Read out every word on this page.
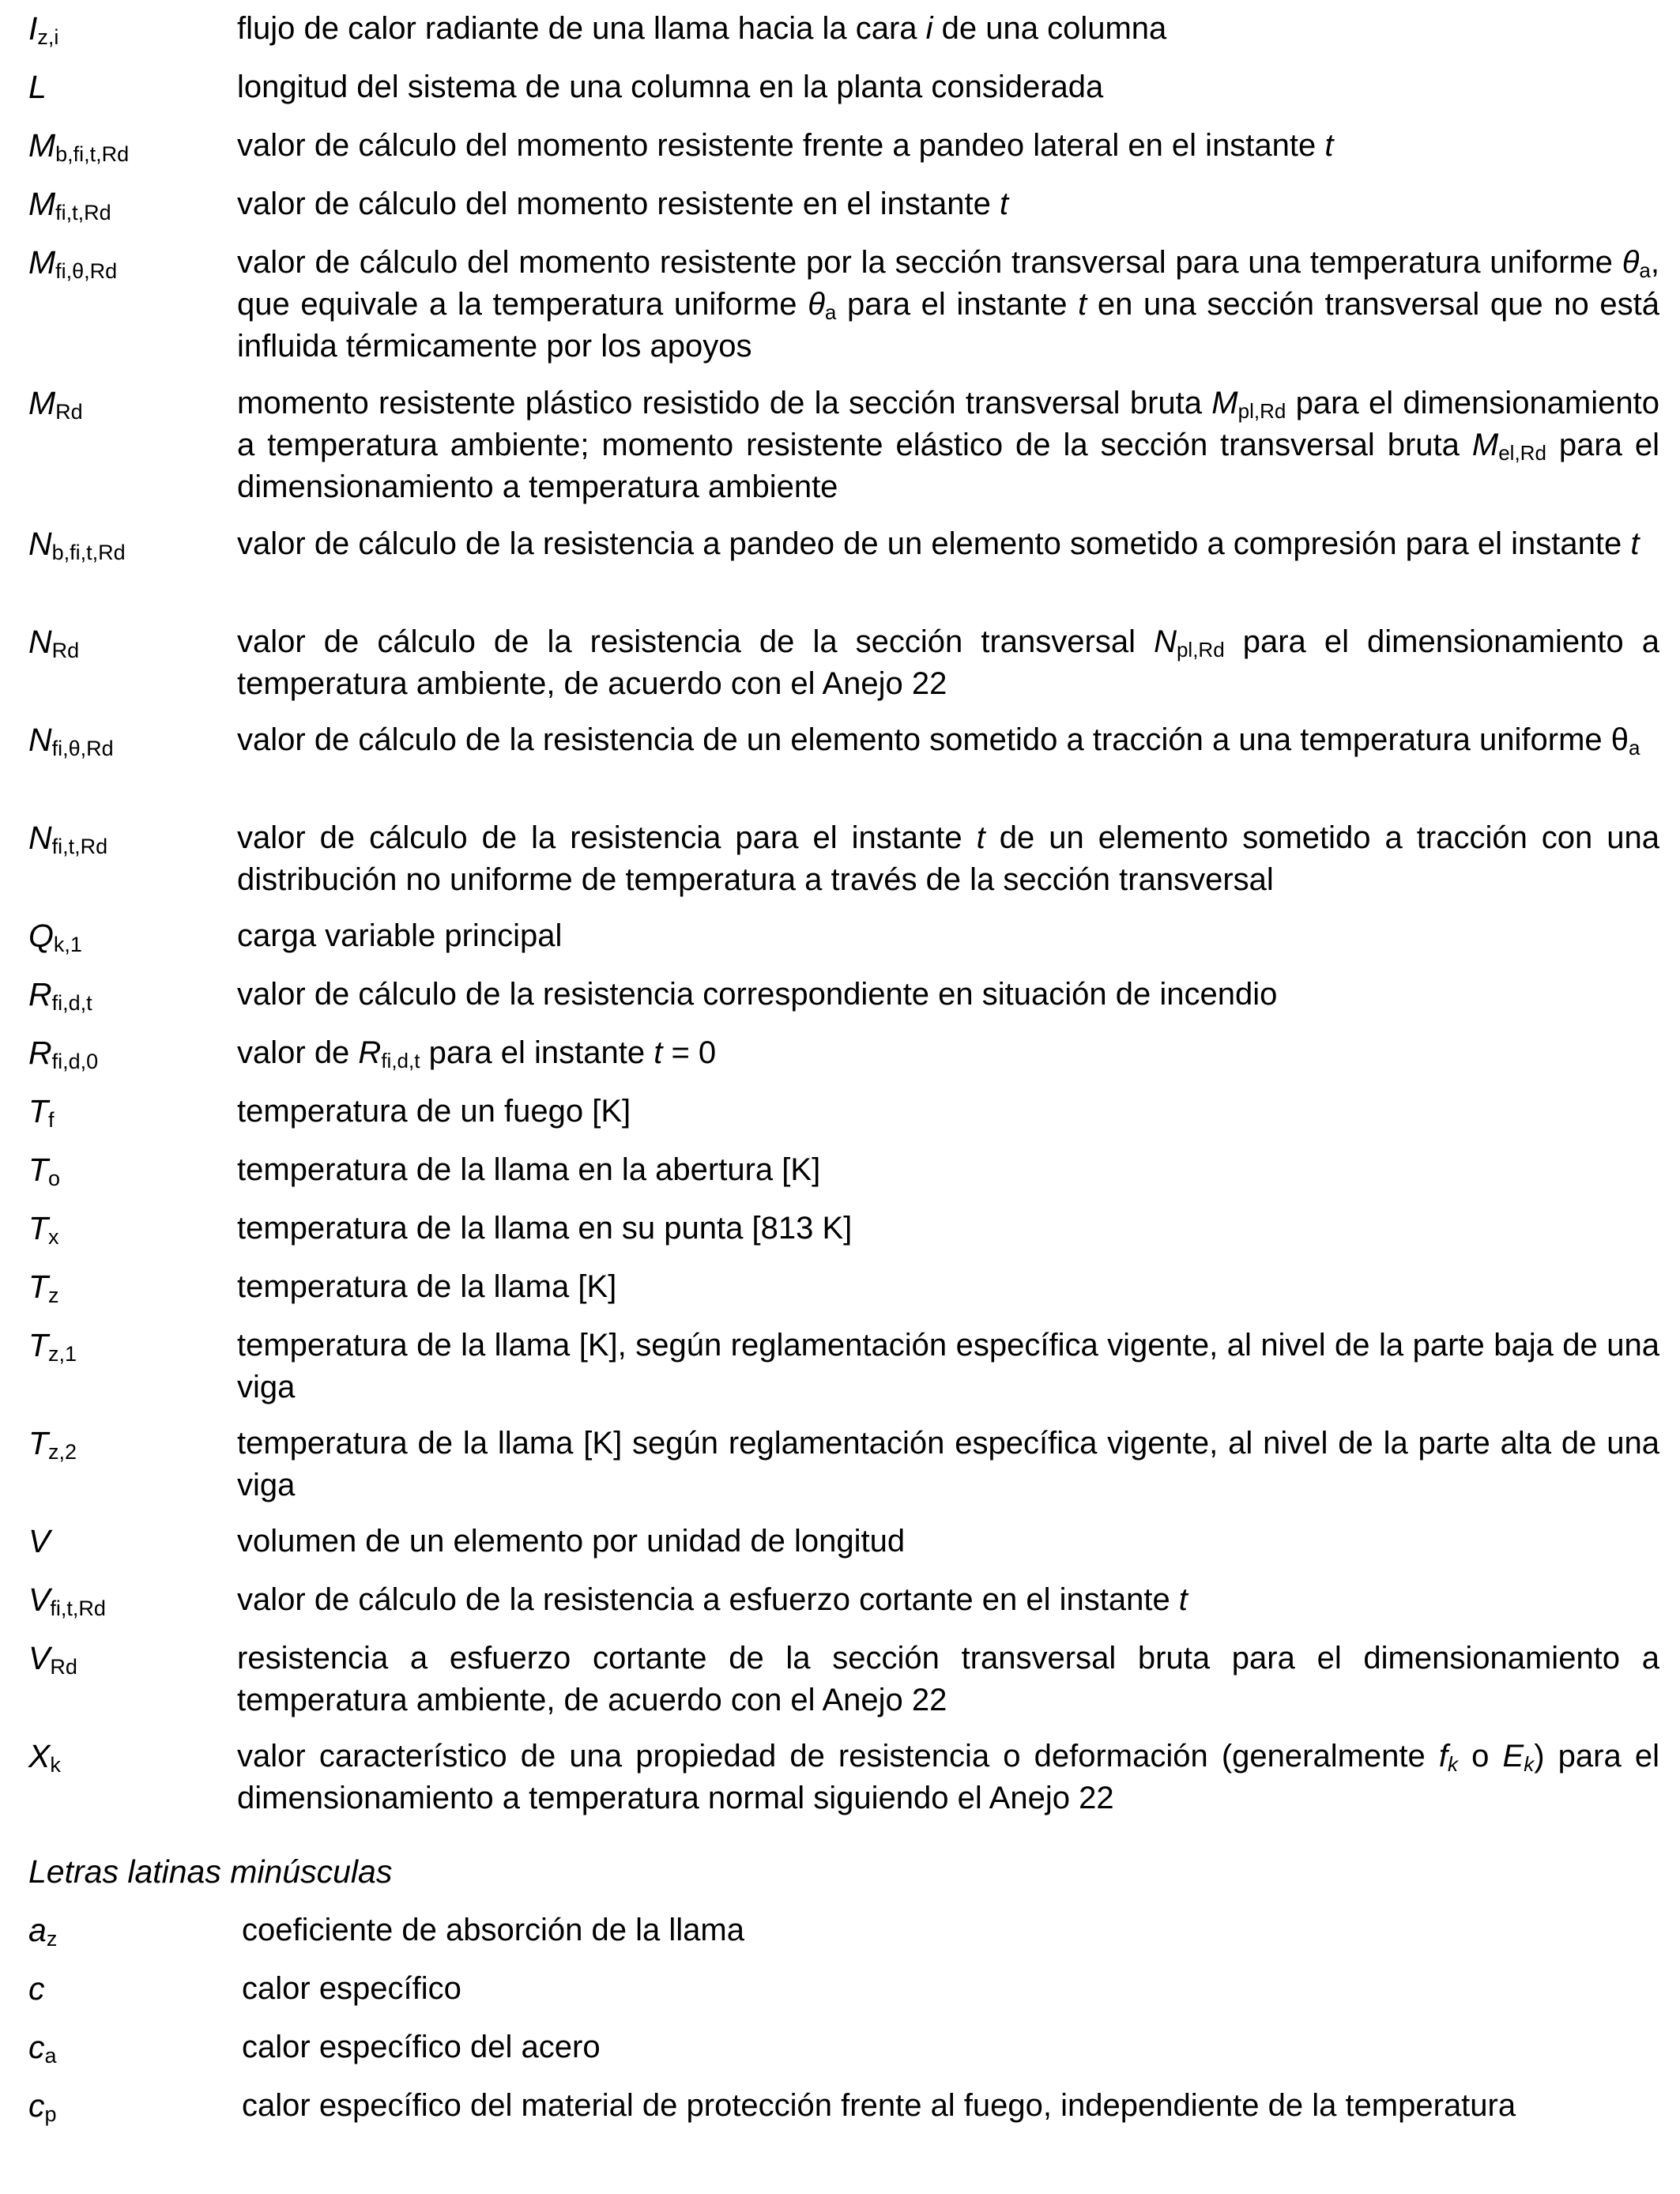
$I_{z,i}$	flujo de calor radiante de una llama hacia la cara i de una columna
L	longitud del sistema de una columna en la planta considerada
$M_{b,fi,t,Rd}$	valor de cálculo del momento resistente frente a pandeo lateral en el instante t
$M_{fi,t,Rd}$	valor de cálculo del momento resistente en el instante t
$M_{fi,\theta,Rd}$	valor de cálculo del momento resistente por la sección transversal para una temperatura uniforme $\theta_a$, que equivale a la temperatura uniforme $\theta_a$ para el instante t en una sección transversal que no está influida térmicamente por los apoyos
$M_{Rd}$	momento resistente plástico resistido de la sección transversal bruta $M_{pl,Rd}$ para el dimensionamiento a temperatura ambiente; momento resistente elástico de la sección transversal bruta $M_{el,Rd}$ para el dimensionamiento a temperatura ambiente
$N_{b,fi,t,Rd}$	valor de cálculo de la resistencia a pandeo de un elemento sometido a compresión para el instante t
$N_{Rd}$	valor de cálculo de la resistencia de la sección transversal $N_{pl,Rd}$ para el dimensionamiento a temperatura ambiente, de acuerdo con el Anejo 22
$N_{fi,\theta,Rd}$	valor de cálculo de la resistencia de un elemento sometido a tracción a una temperatura uniforme $\theta_a$
$N_{fi,t,Rd}$	valor de cálculo de la resistencia para el instante t de un elemento sometido a tracción con una distribución no uniforme de temperatura a través de la sección transversal
$Q_{k,1}$	carga variable principal
$R_{fi,d,t}$	valor de cálculo de la resistencia correspondiente en situación de incendio
$R_{fi,d,0}$	valor de $R_{fi,d,t}$ para el instante t = 0
$T_f$	temperatura de un fuego [K]
$T_o$	temperatura de la llama en la abertura [K]
$T_x$	temperatura de la llama en su punta [813 K]
$T_z$	temperatura de la llama [K]
$T_{z,1}$	temperatura de la llama [K], según reglamentación específica vigente, al nivel de la parte baja de una viga
$T_{z,2}$	temperatura de la llama [K] según reglamentación específica vigente, al nivel de la parte alta de una viga
V	volumen de un elemento por unidad de longitud
$V_{fi,t,Rd}$	valor de cálculo de la resistencia a esfuerzo cortante en el instante t
$V_{Rd}$	resistencia a esfuerzo cortante de la sección transversal bruta para el dimensionamiento a temperatura ambiente, de acuerdo con el Anejo 22
$X_k$	valor característico de una propiedad de resistencia o deformación (generalmente $f_k$ o $E_k$) para el dimensionamiento a temperatura normal siguiendo el Anejo 22
Letras latinas minúsculas
$a_z$	coeficiente de absorción de la llama
c	calor específico
$c_a$	calor específico del acero
$c_p$	calor específico del material de protección frente al fuego, independiente de la temperatura
